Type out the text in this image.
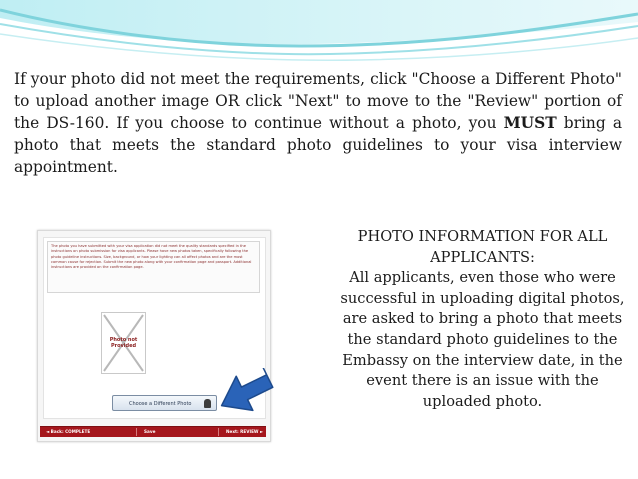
If your photo did not meet the requirements, click "Choose a Different Photo" to upload another image OR click "Next" to move to the "Review" portion of the DS-160. If you choose to continue without a photo, you MUST bring a photo that meets the standard photo guidelines to your visa interview appointment.
The photo you have submitted with your visa application did not meet the quality standards specified in the instructions on photo submission for visa applicants. Please have new photos taken, specifically following the photo guideline instructions. Size, background, or how your lighting can all affect photos and are the most common cause for rejection. Submit the new photo along with your confirmation page and passport. Additional instructions are provided on the confirmation page.
Photo not Provided
Choose a Different Photo
◄ Back: COMPLETE	Save	Next: REVIEW ►
PHOTO INFORMATION FOR ALL APPLICANTS:
All applicants, even those who were successful in uploading digital photos, are asked to bring a photo that meets the standard photo guidelines to the Embassy on the interview date, in the event there is an issue with the uploaded photo.
